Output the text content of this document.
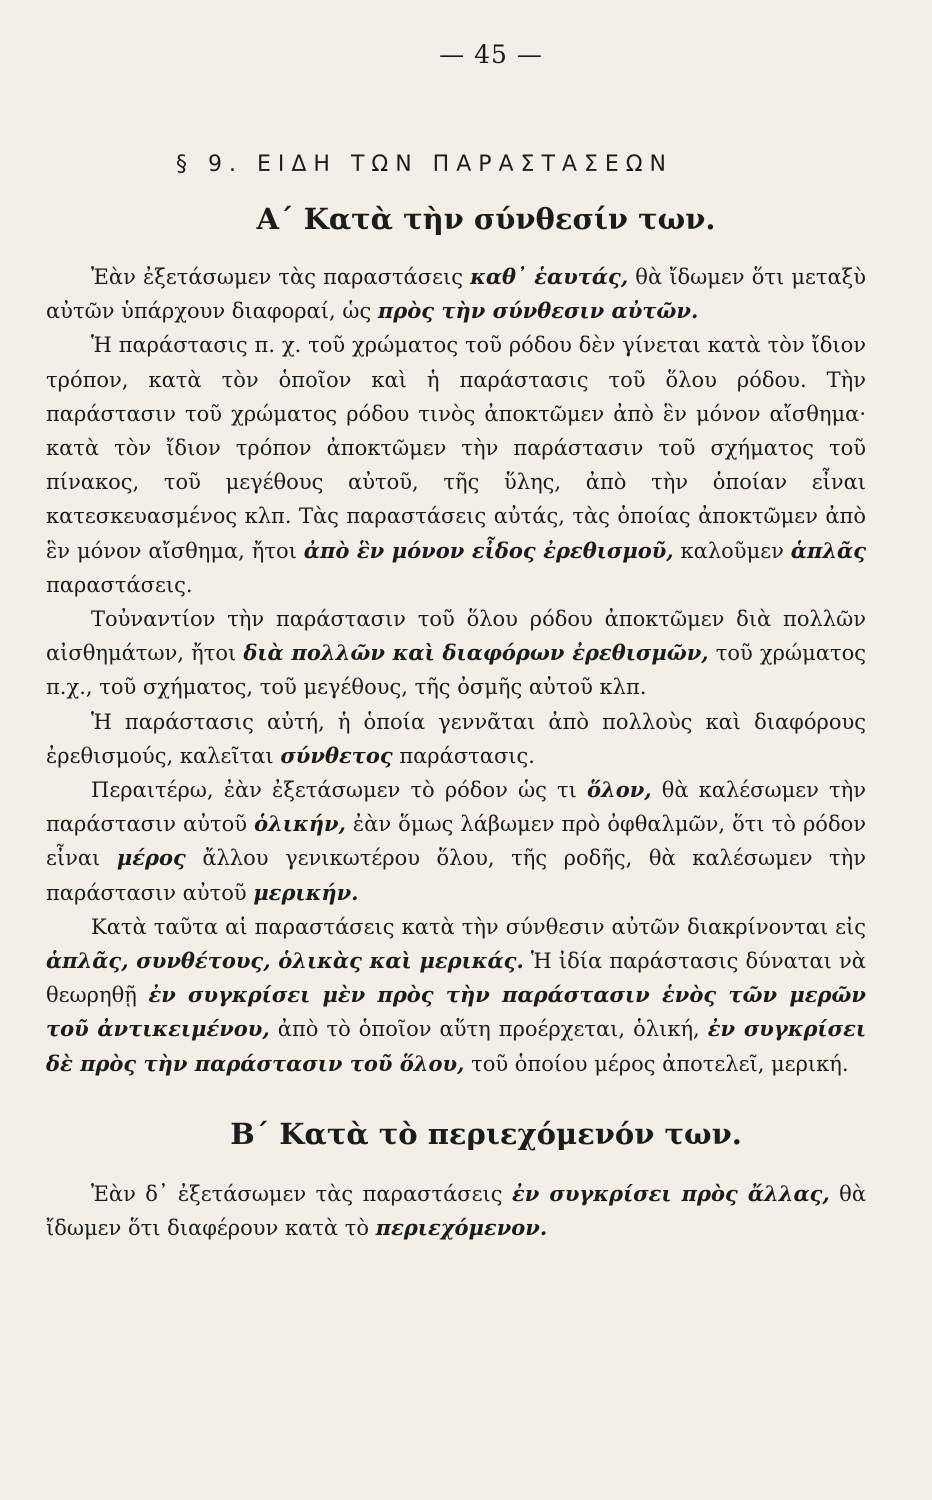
— 45 —
§ 9. ΕΙΔΗ ΤΩΝ ΠΑΡΑΣΤΑΣΕΩΝ
Α΄ Κατὰ τὴν σύνθεσίν των.

Ἐὰν ἐξετάσωμεν τὰς παραστάσεις καθ᾽ ἑαυτάς, θὰ ἴδωμεν ὅτι μεταξὺ αὐτῶν ὑπάρχουν διαφοραί, ὡς πρὸς τὴν σύνθεσιν αὐτῶν.

Ἡ παράστασις π. χ. τοῦ χρώματος τοῦ ρόδου δὲν γίνεται κατὰ τὸν ἴδιον τρόπον, κατὰ τὸν ὁποῖον καὶ ἡ παράστασις τοῦ ὅλου ρόδου. Τὴν παράστασιν τοῦ χρώματος ρόδου τινὸς ἀποκτῶμεν ἀπὸ ἓν μόνον αἴσθημα· κατὰ τὸν ἴδιον τρόπον ἀποκτῶμεν τὴν παράστασιν τοῦ σχήματος τοῦ πίνακος, τοῦ μεγέθους αὐτοῦ, τῆς ὕλης, ἀπὸ τὴν ὁποίαν εἶναι κατεσκευασμένος κλπ. Τὰς παραστάσεις αὐτάς, τὰς ὁποίας ἀποκτῶμεν ἀπὸ ἓν μόνον αἴσθημα, ἤτοι ἀπὸ ἓν μόνον εἶδος ἐρεθισμοῦ, καλοῦμεν ἁπλᾶς παραστάσεις.

Τοὐναντίον τὴν παράστασιν τοῦ ὅλου ρόδου ἀποκτῶμεν διὰ πολλῶν αἰσθημάτων, ἤτοι διὰ πολλῶν καὶ διαφόρων ἐρεθισμῶν, τοῦ χρώματος π.χ., τοῦ σχήματος, τοῦ μεγέθους, τῆς ὀσμῆς αὐτοῦ κλπ.

Ἡ παράστασις αὐτή, ἡ ὁποία γεννᾶται ἀπὸ πολλοὺς καὶ διαφόρους ἐρεθισμούς, καλεῖται σύνθετος παράστασις.

Περαιτέρω, ἐὰν ἐξετάσωμεν τὸ ρόδον ὡς τι ὅλον, θὰ καλέσωμεν τὴν παράστασιν αὐτοῦ ὁλικήν, ἐὰν ὅμως λάβωμεν πρὸ ὀφθαλμῶν, ὅτι τὸ ρόδον εἶναι μέρος ἄλλου γενικωτέρου ὅλου, τῆς ροδῆς, θὰ καλέσωμεν τὴν παράστασιν αὐτοῦ μερικήν.

Κατὰ ταῦτα αἱ παραστάσεις κατὰ τὴν σύνθεσιν αὐτῶν διακρίνονται εἰς ἁπλᾶς, συνθέτους, ὁλικὰς καὶ μερικάς. Ἡ ἰδία παράστασις δύναται νὰ θεωρηθῇ ἐν συγκρίσει μὲν πρὸς τὴν παράστασιν ἑνὸς τῶν μερῶν τοῦ ἀντικειμένου, ἀπὸ τὸ ὁποῖον αὕτη προέρχεται, ὁλική, ἐν συγκρίσει δὲ πρὸς τὴν παράστασιν τοῦ ὅλου, τοῦ ὁποίου μέρος ἀποτελεῖ, μερική.

Β΄ Κατὰ τὸ περιεχόμενόν των.

Ἐὰν δ᾽ ἐξετάσωμεν τὰς παραστάσεις ἐν συγκρίσει πρὸς ἄλλας, θὰ ἴδωμεν ὅτι διαφέρουν κατὰ τὸ περιεχόμενον.
